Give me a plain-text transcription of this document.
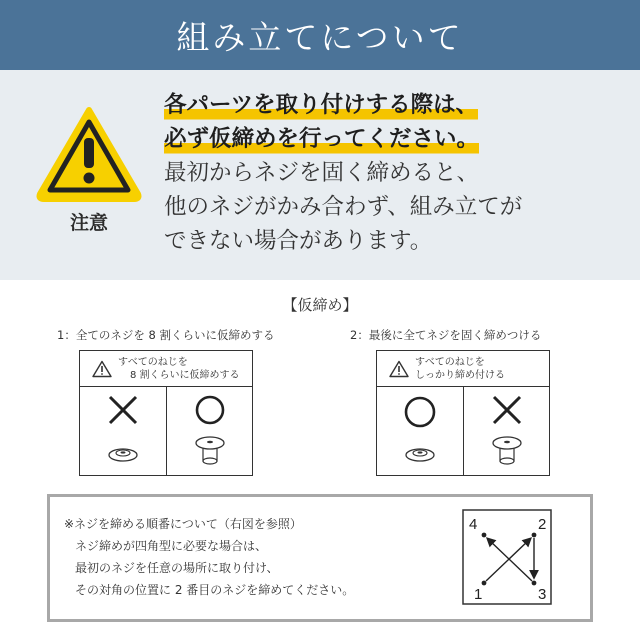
組み立てについて
注意
各パーツを取り付けする際は、
必ず仮締めを行ってください。
最初からネジを固く締めると、
他のネジがかみ合わず、組み立てが
できない場合があります。
【仮締め】
1：全てのネジを 8 割くらいに仮締めする	2：最後に全てネジを固く締めつける
すべてのねじを
8 割くらいに仮締めする
すべてのねじを
しっかり締め付ける
※ネジを締める順番について（右図を参照）
ネジ締めが四角型に必要な場合は、
最初のネジを任意の場所に取り付け、
その対角の位置に 2 番目のネジを締めてください。	1
2
3
4
